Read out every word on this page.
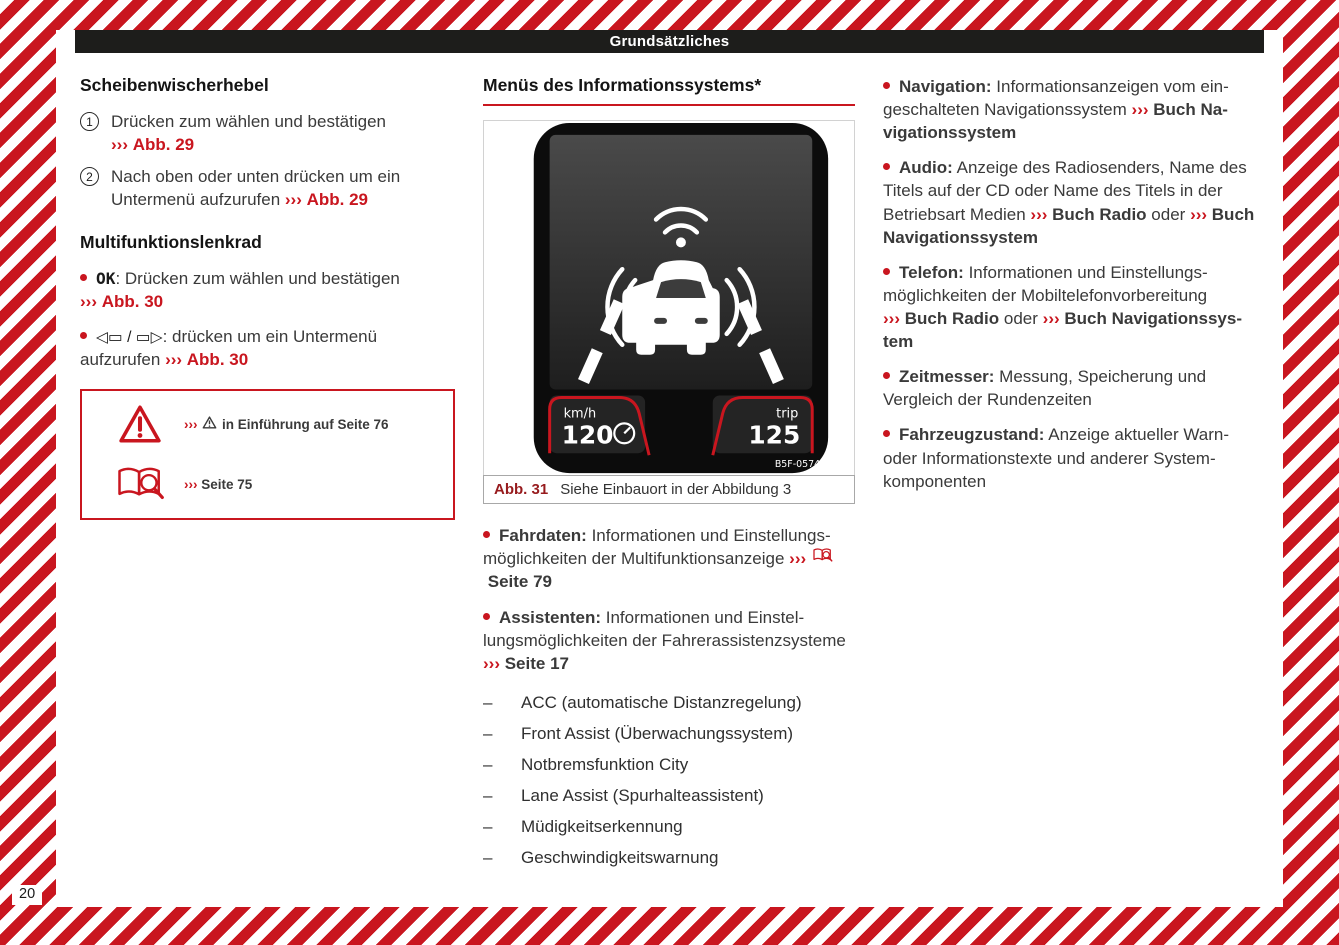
Grundsätzliches
Scheibenwischerhebel
1	Drücken zum wählen und bestätigen ››› Abb. 29
2	Nach oben oder unten drücken um ein Untermenü aufzurufen ››› Abb. 29
Multifunktionslenkrad

OK: Drücken zum wählen und bestätigen ››› Abb. 30

◁▭ / ▭▷: drücken um ein Untermenü aufzurufen ››› Abb. 30

›››
in Einführung auf Seite 76
››› Seite 75
Menüs des Informationssystems*
km/h
120
trip
125
B5F-0574
Abb. 31 Siehe Einbauort in der Abbildung 3

Fahrdaten: Informationen und Einstellungsmöglichkeiten der Multifunktionsanzeige ›››
Seite 79

Assistenten: Informationen und Einstellungsmöglichkeiten der Fahrerassistenzsysteme ››› Seite 17

–	ACC (automatische Distanzregelung)
–	Front Assist (Überwachungssystem)
–	Notbremsfunktion City
–	Lane Assist (Spurhalteassistent)
–	Müdigkeitserkennung
–	Geschwindigkeitswarnung

Navigation: Informationsanzeigen vom eingeschalteten Navigationssystem ››› Buch Navigationssystem

Audio: Anzeige des Radiosenders, Name des Titels auf der CD oder Name des Titels in der Betriebsart Medien ››› Buch Radio oder ››› Buch Navigationssystem

Telefon: Informationen und Einstellungsmöglichkeiten der Mobiltelefonvorbereitung ››› Buch Radio oder ››› Buch Navigationssystem

Zeitmesser: Messung, Speicherung und Vergleich der Rundenzeiten

Fahrzeugzustand: Anzeige aktueller Warn- oder Informationstexte und anderer Systemkomponenten

20
